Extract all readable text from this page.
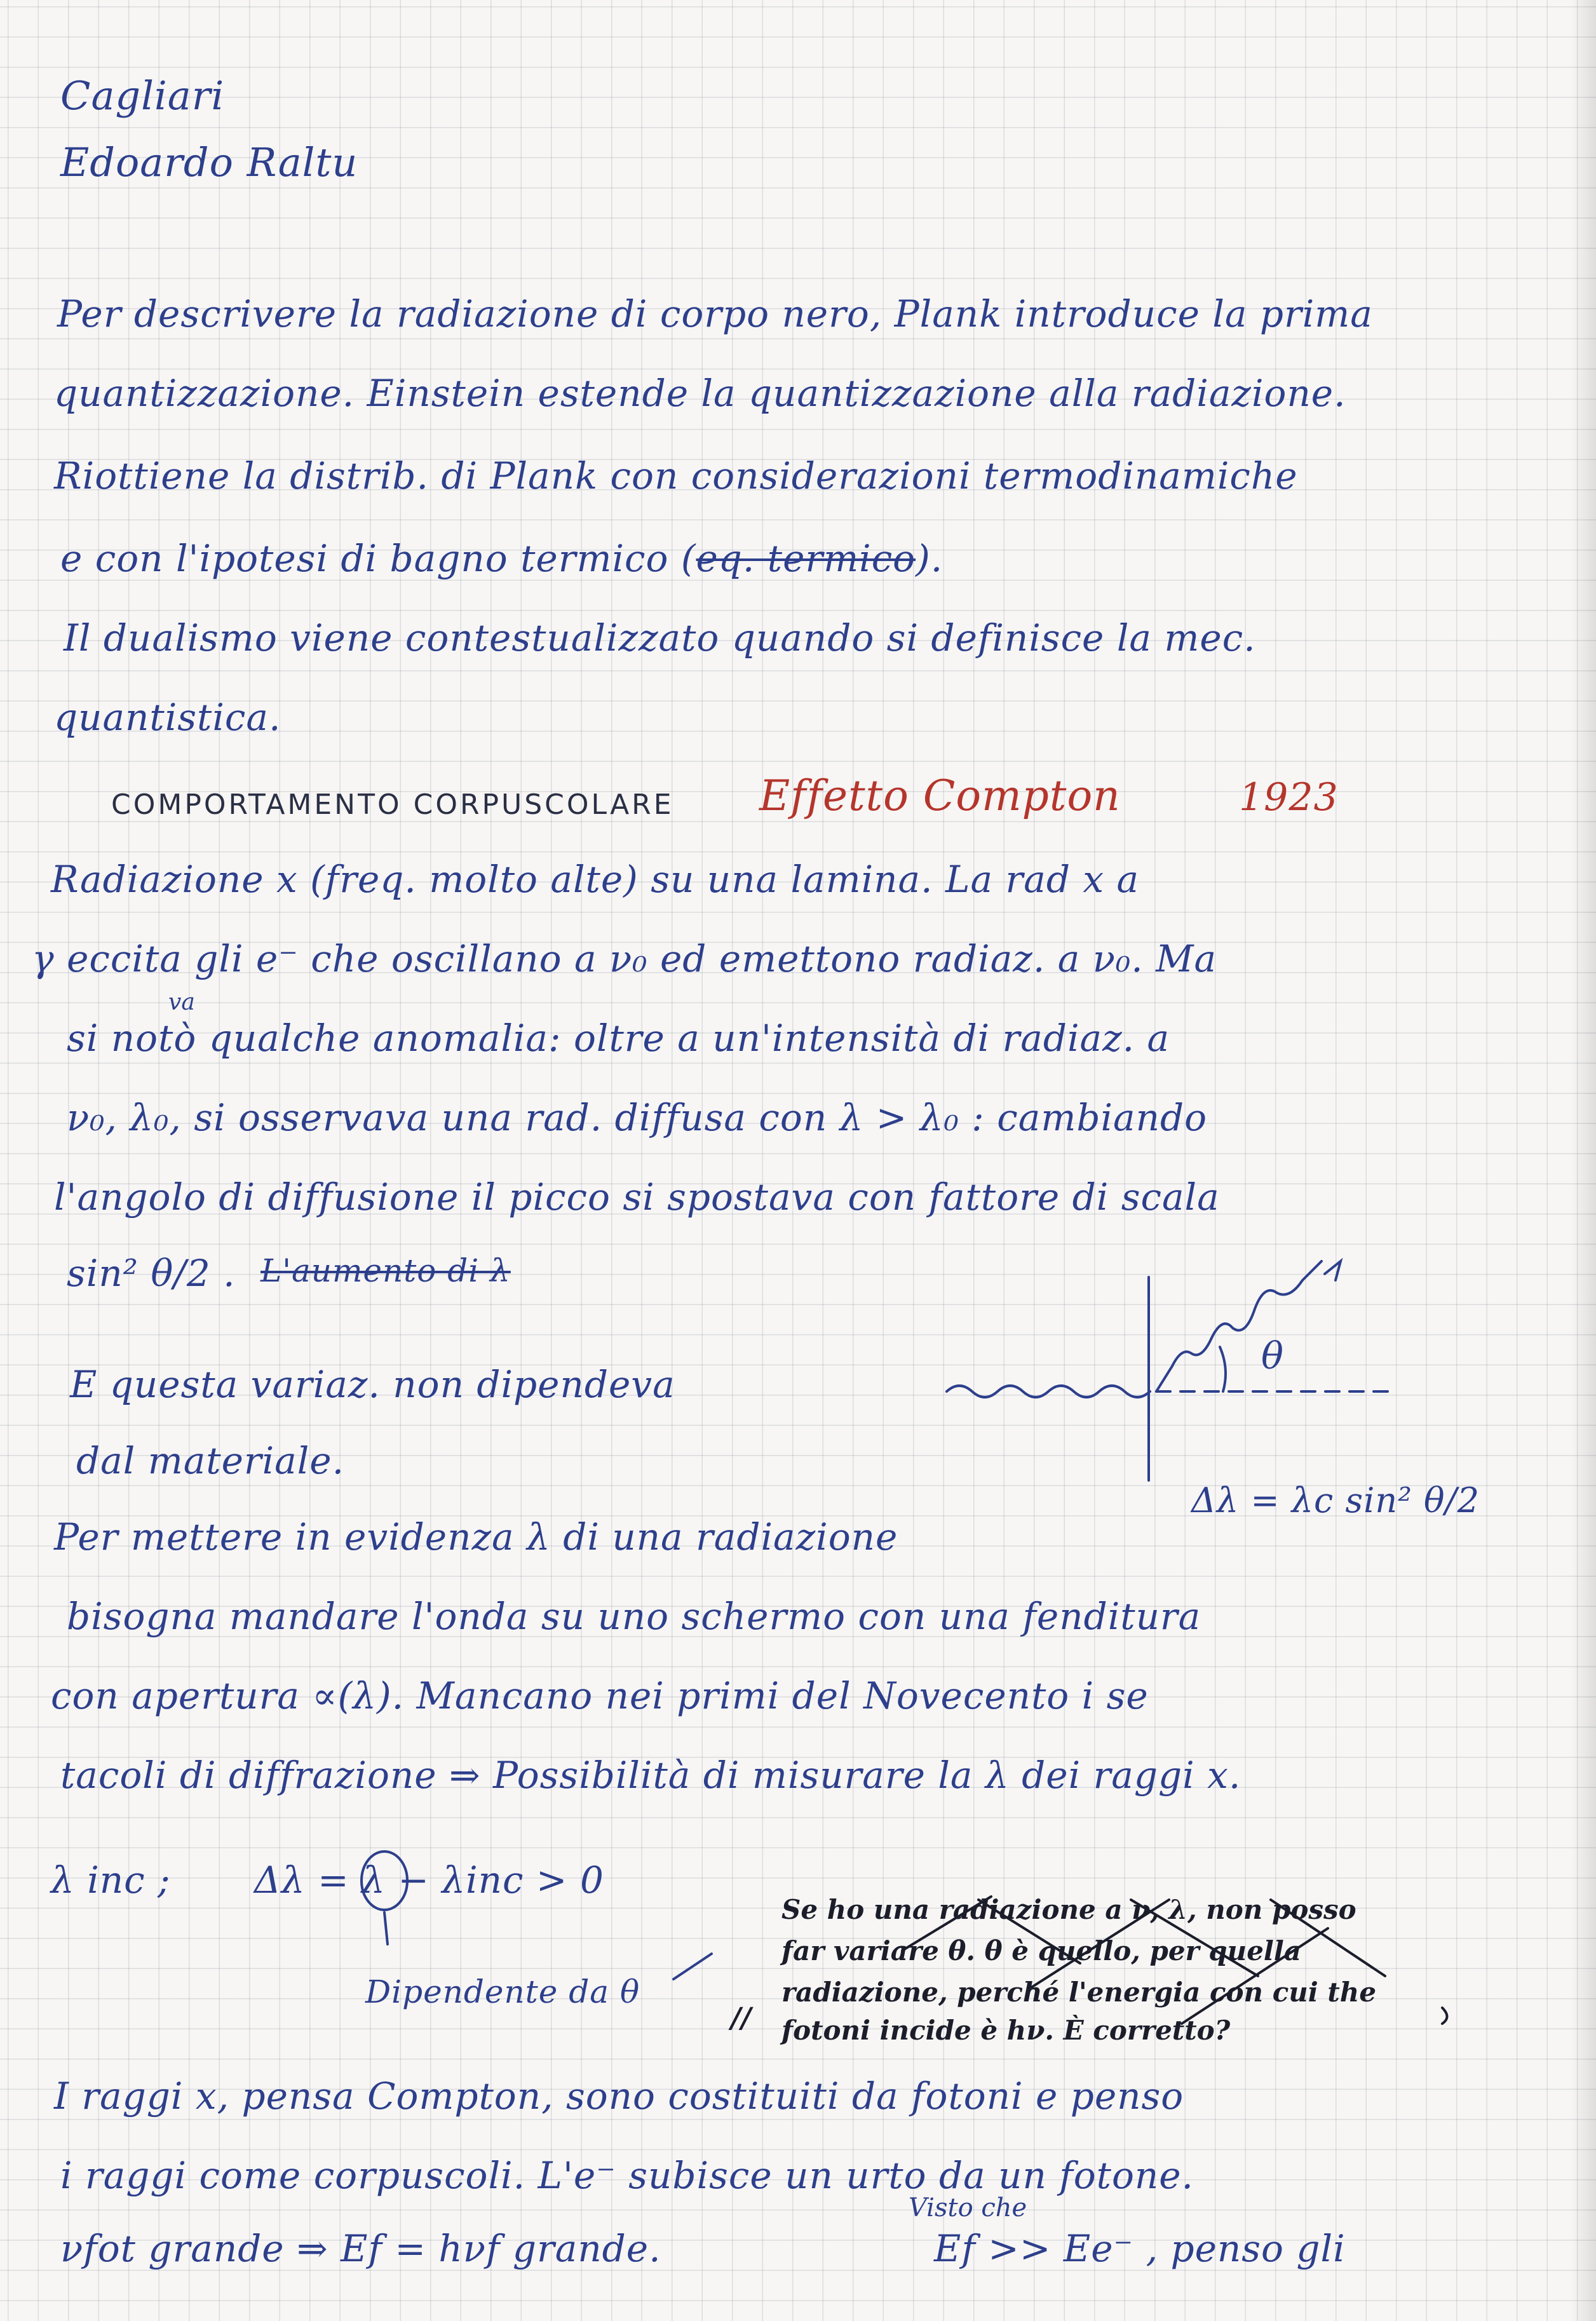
Cagliari
Edoardo Raltu
Per descrivere la radiazione di corpo nero, Plank introduce la prima
quantizzazione. Einstein estende la quantizzazione alla radiazione.
Riottiene la distrib. di Plank con considerazioni termodinamiche
e con l'ipotesi di bagno termico (eq. termico).
Il dualismo viene contestualizzato quando si definisce la mec.
quantistica.
COMPORTAMENTO CORPUSCOLARE Effetto Compton	1923
Radiazione x (freq. molto alte) su una lamina. La rad x a
γ eccita gli e⁻ che oscillano a ν₀ ed emettono radiaz. a ν₀. Ma
va
si notò qualche anomalia: oltre a un'intensità di radiaz. a
ν₀, λ₀, si osservava una rad. diffusa con λ > λ₀ : cambiando
l'angolo di diffusione il picco si spostava con fattore di scala
sin² θ/2 . L'aumento di λ
E questa variaz. non dipendeva
dal materiale.
θ
Δλ = λc sin² θ/2
Per mettere in evidenza λ di una radiazione
bisogna mandare l'onda su uno schermo con una fenditura
con apertura ∝(λ). Mancano nei primi del Novecento i se
tacoli di diffrazione ⇒ Possibilità di misurare la λ dei raggi x.
λ inc ; Δλ = λ − λinc > 0
Dipendente da θ
Se ho una radiazione a ν, λ, non posso
far variare θ. θ è quello, per quella
radiazione, perché l'energia con cui the
fotoni incide è hν. È corretto?
//
I raggi x, pensa Compton, sono costituiti da fotoni e penso
i raggi come corpuscoli. L'e⁻ subisce un urto da un fotone.
νfot grande ⇒ Ef = hνf grande.
Visto che
Ef >> Ee⁻ , penso gli
